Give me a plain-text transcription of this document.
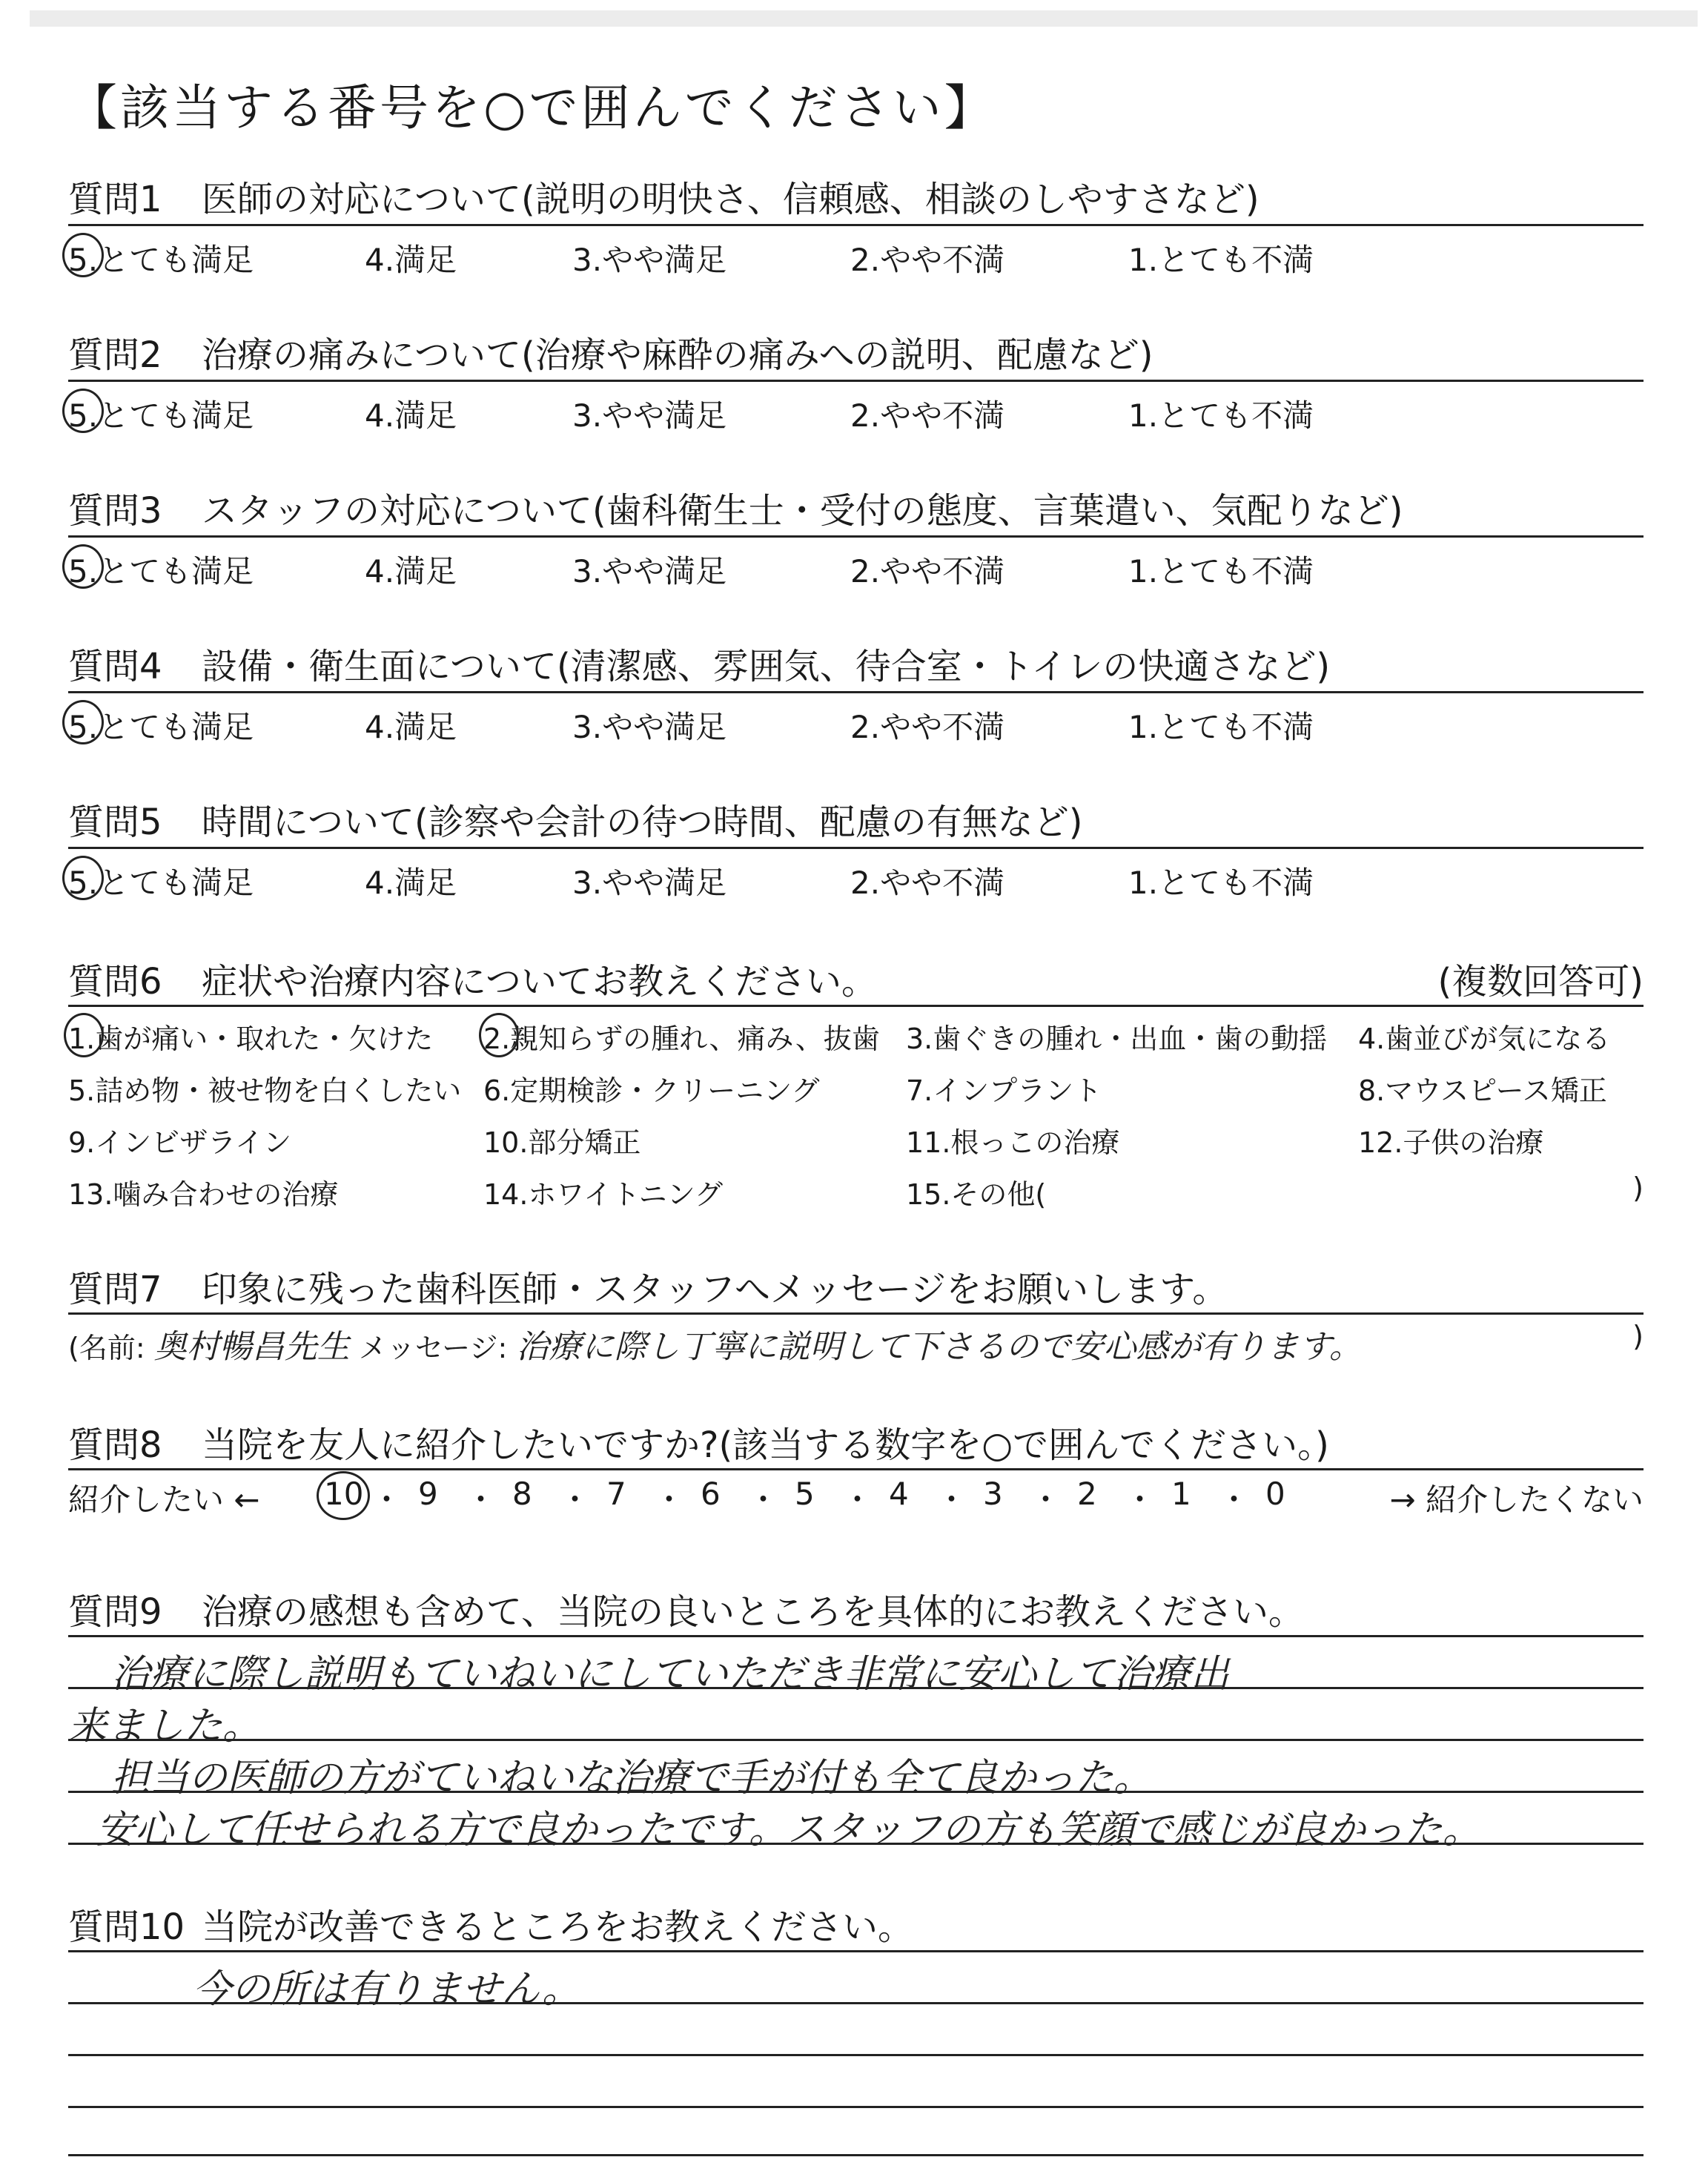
【該当する番号を○で囲んでください】
質問1 医師の対応について(説明の明快さ、信頼感、相談のしやすさなど)
5.とても満足	4.満足	3.やや満足	2.やや不満	1.とても不満
質問2 治療の痛みについて(治療や麻酔の痛みへの説明、配慮など)
5.とても満足	4.満足	3.やや満足	2.やや不満	1.とても不満
質問3 スタッフの対応について(歯科衛生士・受付の態度、言葉遣い、気配りなど)
5.とても満足	4.満足	3.やや満足	2.やや不満	1.とても不満
質問4 設備・衛生面について(清潔感、雰囲気、待合室・トイレの快適さなど)
5.とても満足	4.満足	3.やや満足	2.やや不満	1.とても不満
質問5 時間について(診察や会計の待つ時間、配慮の有無など)
5.とても満足	4.満足	3.やや満足	2.やや不満	1.とても不満
質問6 症状や治療内容についてお教えください。	(複数回答可)
1.歯が痛い・取れた・欠けた 2.親知らずの腫れ、痛み、抜歯 3.歯ぐきの腫れ・出血・歯の動揺 4.歯並びが気になる
5.詰め物・被せ物を白くしたい 6.定期検診・クリーニング	7.インプラント	8.マウスピース矯正
9.インビザライン	10.部分矯正	11.根っこの治療	12.子供の治療
13.噛み合わせの治療	14.ホワイトニング	15.その他(	)
質問7 印象に残った歯科医師・スタッフへメッセージをお願いします。
(名前: 奥村暢昌先生 メッセージ: 治療に際し丁寧に説明して下さるので安心感が有ります。	)
質問8 当院を友人に紹介したいですか?(該当する数字を○で囲んでください。)
紹介したい ←	→ 紹介したくない
10 ・ 9 ・ 8 ・ 7 ・ 6 ・ 5 ・ 4 ・ 3 ・ 2 ・ 1 ・ 0
質問9 治療の感想も含めて、当院の良いところを具体的にお教えください。
治療に際し説明もていねいにしていただき非常に安心して治療出
来ました。
担当の医師の方がていねいな治療で手が付も全て良かった。
安心して任せられる方で良かったです。スタッフの方も笑顔で感じが良かった。
質問10 当院が改善できるところをお教えください。
今の所は有りません。
